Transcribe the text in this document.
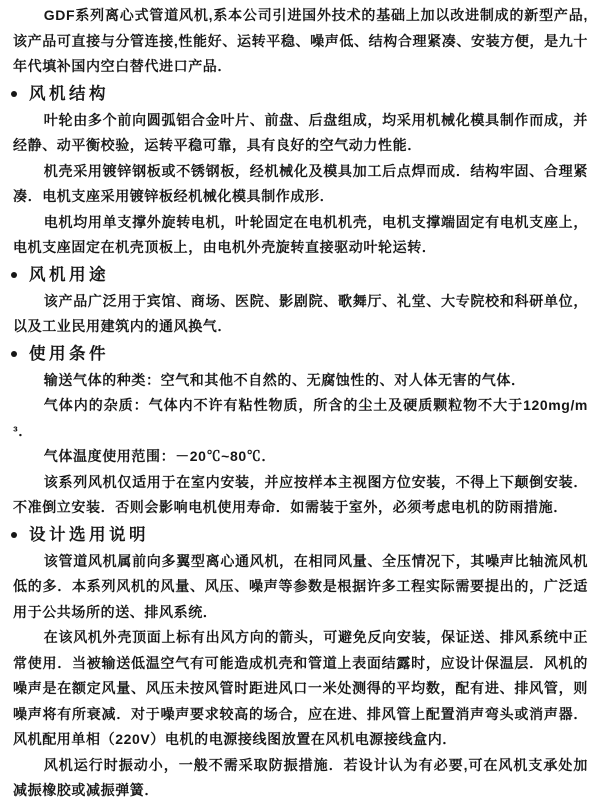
GDF系列离心式管道风机,系本公司引进国外技术的基础上加以改进制成的新型产品,该产品可直接与分管连接,性能好、运转平稳、噪声低、结构合理紧凑、安装方便，是九十年代填补国内空白替代进口产品．

风机结构

叶轮由多个前向圆弧铝合金叶片、前盘、后盘组成，均采用机械化模具制作而成，并经静、动平衡校验，运转平稳可靠，具有良好的空气动力性能．

机壳采用镀锌钢板或不锈钢板，经机械化及模具加工后点焊而成．结构牢固、合理紧凑．电机支座采用镀锌板经机械化模具制作成形．

电机均用单支撑外旋转电机，叶轮固定在电机机壳，电机支撑端固定有电机支座上，电机支座固定在机壳顶板上，由电机外壳旋转直接驱动叶轮运转．

风机用途

该产品广泛用于宾馆、商场、医院、影剧院、歌舞厅、礼堂、大专院校和科研单位，以及工业民用建筑内的通风换气．

使用条件

输送气体的种类：空气和其他不自然的、无腐蚀性的、对人体无害的气体．

气体内的杂质：气体内不许有粘性物质，所含的尘土及硬质颗粒物不大于120mg/m³．

气体温度使用范围：－20℃~80℃．

该系列风机仅适用于在室内安装，并应按样本主视图方位安装，不得上下颠倒安装．不准倒立安装．否则会影响电机使用寿命．如需装于室外，必须考虑电机的防雨措施．

设计选用说明

该管道风机属前向多翼型离心通风机，在相同风量、全压情况下，其噪声比轴流风机低的多．本系列风机的风量、风压、噪声等参数是根据许多工程实际需要提出的，广泛适用于公共场所的送、排风系统．

在该风机外壳顶面上标有出风方向的箭头，可避免反向安装，保证送、排风系统中正常使用．当被输送低温空气有可能造成机壳和管道上表面结露时，应设计保温层．风机的噪声是在额定风量、风压未按风管时距进风口一米处测得的平均数，配有进、排风管，则噪声将有所衰减．对于噪声要求较高的场合，应在进、排风管上配置消声弯头或消声器．风机配用单相（220V）电机的电源接线图放置在风机电源接线盒内．

风机运行时振动小，一般不需采取防振措施．若设计认为有必要,可在风机支承处加减振橡胶或减振弹簧．
